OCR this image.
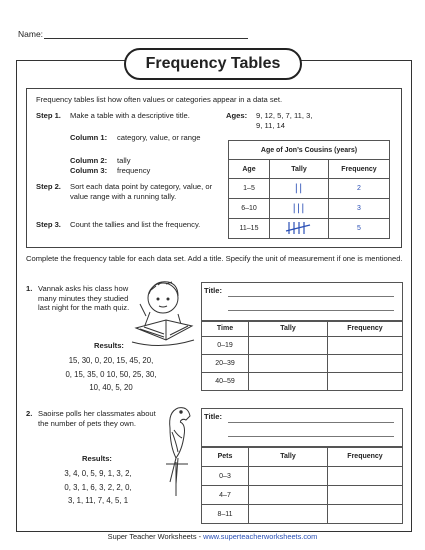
Name:
Frequency Tables
Frequency tables list how often values or categories appear in a data set.
Step 1. Make a table with a descriptive title.
Column 1: category, value, or range
Column 2: tally
Column 3: frequency
Step 2. Sort each data point by category, value, or value range with a running tally.
Step 3. Count the tallies and list the frequency.
Ages: 9, 12, 5, 7, 11, 3,
9, 11, 14
Age of Jon’s Cousins (years)		
Age	Tally	Frequency
1–5	||	2
6–10	|||	3
11–15		5
Complete the frequency table for each data set. Add a title. Specify the unit of measurement if one is mentioned.
1. Vannak asks his class how many minutes they studied last night for the math quiz.
Results:
15, 30, 0, 20, 15, 45, 20,
0, 15, 35, 0 10, 50, 25, 30,
10, 40, 5, 20
Title:
Time	Tally	Frequency
0–19		
20–39		
40–59		
2. Saoirse polls her classmates about the number of pets they own.
Results:
3, 4, 0, 5, 9, 1, 3, 2,
0, 3, 1, 6, 3, 2, 2, 0,
3, 1, 11, 7, 4, 5, 1
Title:
Pets	Tally	Frequency
0–3		
4–7		
8–11		
Super Teacher Worksheets - www.superteacherworksheets.com
